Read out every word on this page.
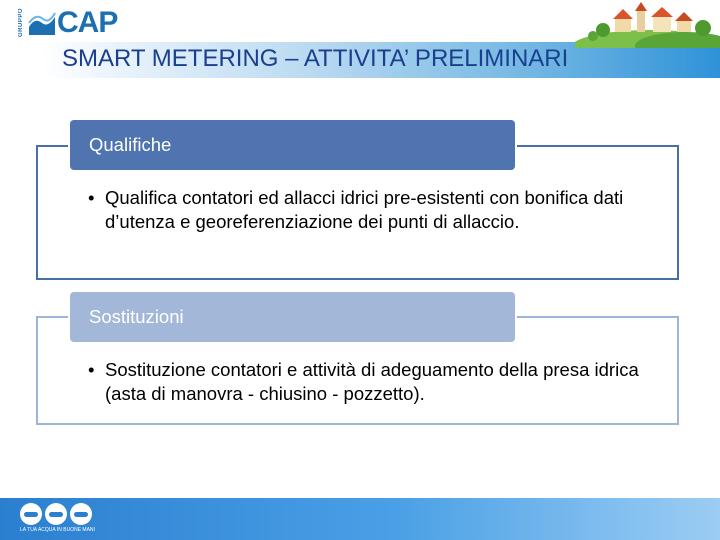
GRUPPO CAP
SMART METERING – ATTIVITA’ PRELIMINARI
Qualifiche
• Qualifica contatori ed allacci idrici pre-esistenti con bonifica dati d’utenza e georeferenziazione dei punti di allaccio.
Sostituzioni
• Sostituzione contatori e attività di adeguamento della presa idrica (asta di manovra - chiusino - pozzetto).
LA TUA ACQUA IN BUONE MANI
